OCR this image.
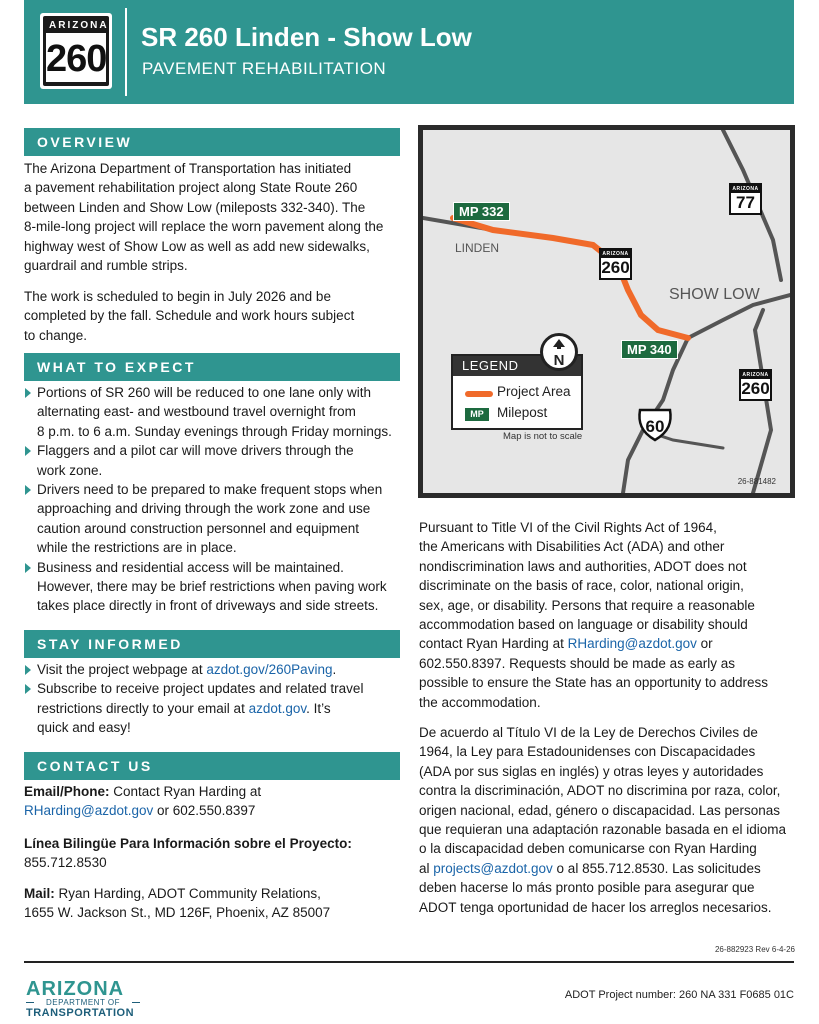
ARIZONA
260
SR 260 Linden - Show Low
PAVEMENT REHABILITATION
OVERVIEW
The Arizona Department of Transportation has initiated
a pavement rehabilitation project along State Route 260
between Linden and Show Low (mileposts 332-340). The
8-mile-long project will replace the worn pavement along the
highway west of Show Low as well as add new sidewalks,
guardrail and rumble strips.
The work is scheduled to begin in July 2026 and be
completed by the fall. Schedule and work hours subject
to change.
WHAT TO EXPECT
Portions of SR 260 will be reduced to one lane only with
alternating east- and westbound travel overnight from
8 p.m. to 6 a.m. Sunday evenings through Friday mornings.
Flaggers and a pilot car will move drivers through the
work zone.
Drivers need to be prepared to make frequent stops when
approaching and driving through the work zone and use
caution around construction personnel and equipment
while the restrictions are in place.
Business and residential access will be maintained.
However, there may be brief restrictions when paving work
takes place directly in front of driveways and side streets.
STAY INFORMED
Visit the project webpage at azdot.gov/260Paving.
Subscribe to receive project updates and related travel
restrictions directly to your email at azdot.gov. It’s
quick and easy!
CONTACT US
Email/Phone: Contact Ryan Harding at
RHarding@azdot.gov or 602.550.8397
Línea Bilingüe Para Información sobre el Proyecto:
855.712.8530
Mail: Ryan Harding, ADOT Community Relations,
1655 W. Jackson St., MD 126F, Phoenix, AZ 85007
MP 332
LINDEN
SHOW LOW
MP 340
ARIZONA
77
ARIZONA
260
ARIZONA
260
60
LEGEND
Project Area
MP Milepost
N
Map is not to scale
26-881482
Pursuant to Title VI of the Civil Rights Act of 1964,
the Americans with Disabilities Act (ADA) and other
nondiscrimination laws and authorities, ADOT does not
discriminate on the basis of race, color, national origin,
sex, age, or disability. Persons that require a reasonable
accommodation based on language or disability should
contact Ryan Harding at RHarding@azdot.gov or
602.550.8397. Requests should be made as early as
possible to ensure the State has an opportunity to address
the accommodation.
De acuerdo al Título VI de la Ley de Derechos Civiles de
1964, la Ley para Estadounidenses con Discapacidades
(ADA por sus siglas en inglés) y otras leyes y autoridades
contra la discriminación, ADOT no discrimina por raza, color,
origen nacional, edad, género o discapacidad. Las personas
que requieran una adaptación razonable basada en el idioma
o la discapacidad deben comunicarse con Ryan Harding
al projects@azdot.gov o al 855.712.8530. Las solicitudes
deben hacerse lo más pronto posible para asegurar que
ADOT tenga oportunidad de hacer los arreglos necesarios.
26-882923 Rev 6-4-26
ARIZONA
DEPARTMENT OF
TRANSPORTATION
ADOT Project number: 260 NA 331 F0685 01C
